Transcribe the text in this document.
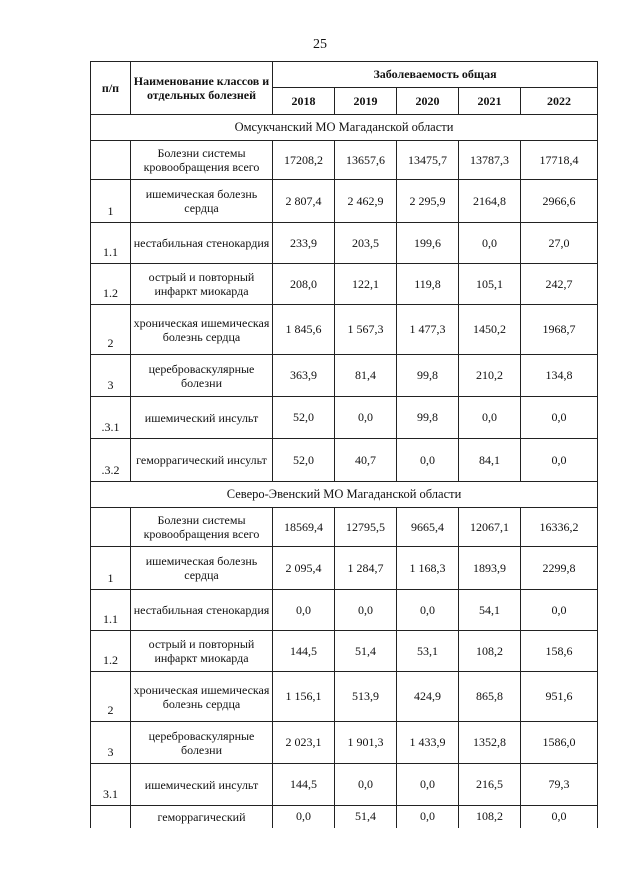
25
п/п	Наименование классов и отдельных болезней	Заболеваемость общая				
		2018	2019	2020	2021	2022
Омсукчанский МО Магаданской области						
	Болезни системы кровообращения всего	17208,2	13657,6	13475,7	13787,3	17718,4
1	ишемическая болезнь сердца	2 807,4	2 462,9	2 295,9	2164,8	2966,6
1.1	нестабильная стенокардия	233,9	203,5	199,6	0,0	27,0
1.2	острый и повторный инфаркт миокарда	208,0	122,1	119,8	105,1	242,7
2	хроническая ишемическая болезнь сердца	1 845,6	1 567,3	1 477,3	1450,2	1968,7
3	цереброваскулярные болезни	363,9	81,4	99,8	210,2	134,8
.3.1	ишемический инсульт	52,0	0,0	99,8	0,0	0,0
.3.2	геморрагический инсульт	52,0	40,7	0,0	84,1	0,0
Северо-Эвенский МО Магаданской области						
	Болезни системы кровообращения всего	18569,4	12795,5	9665,4	12067,1	16336,2
1	ишемическая болезнь сердца	2 095,4	1 284,7	1 168,3	1893,9	2299,8
1.1	нестабильная стенокардия	0,0	0,0	0,0	54,1	0,0
1.2	острый и повторный инфаркт миокарда	144,5	51,4	53,1	108,2	158,6
2	хроническая ишемическая болезнь сердца	1 156,1	513,9	424,9	865,8	951,6
3	цереброваскулярные болезни	2 023,1	1 901,3	1 433,9	1352,8	1586,0
3.1	ишемический инсульт	144,5	0,0	0,0	216,5	79,3
	геморрагический	0,0	51,4	0,0	108,2	0,0
